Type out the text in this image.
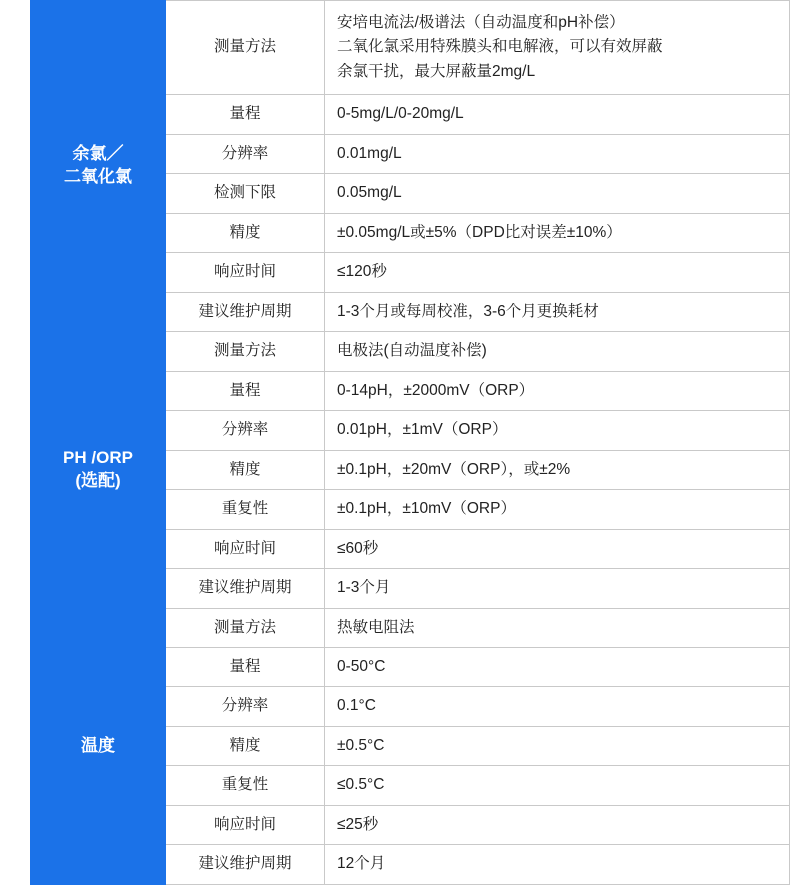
余氯／
二氧化氯	测量方法	安培电流法/极谱法（自动温度和pH补偿）
二氧化氯采用特殊膜头和电解液，可以有效屏蔽
余氯干扰，最大屏蔽量2mg/L

	量程	0-5mg/L/0-20mg/L

	分辨率	0.01mg/L

	检测下限	0.05mg/L

	精度	±0.05mg/L或±5%（DPD比对误差±10%）

	响应时间	≤120秒

	建议维护周期	1-3个月或每周校准，3-6个月更换耗材

PH /ORP
(选配)	测量方法	电极法(自动温度补偿)

	量程	0-14pH，±2000mV（ORP）

	分辨率	0.01pH，±1mV（ORP）

	精度	±0.1pH，±20mV（ORP），或±2%

	重复性	±0.1pH，±10mV（ORP）

	响应时间	≤60秒

	建议维护周期	1-3个月

温度	测量方法	热敏电阻法

	量程	0-50°C

	分辨率	0.1°C

	精度	±0.5°C

	重复性	≤0.5°C

	响应时间	≤25秒

	建议维护周期	12个月
